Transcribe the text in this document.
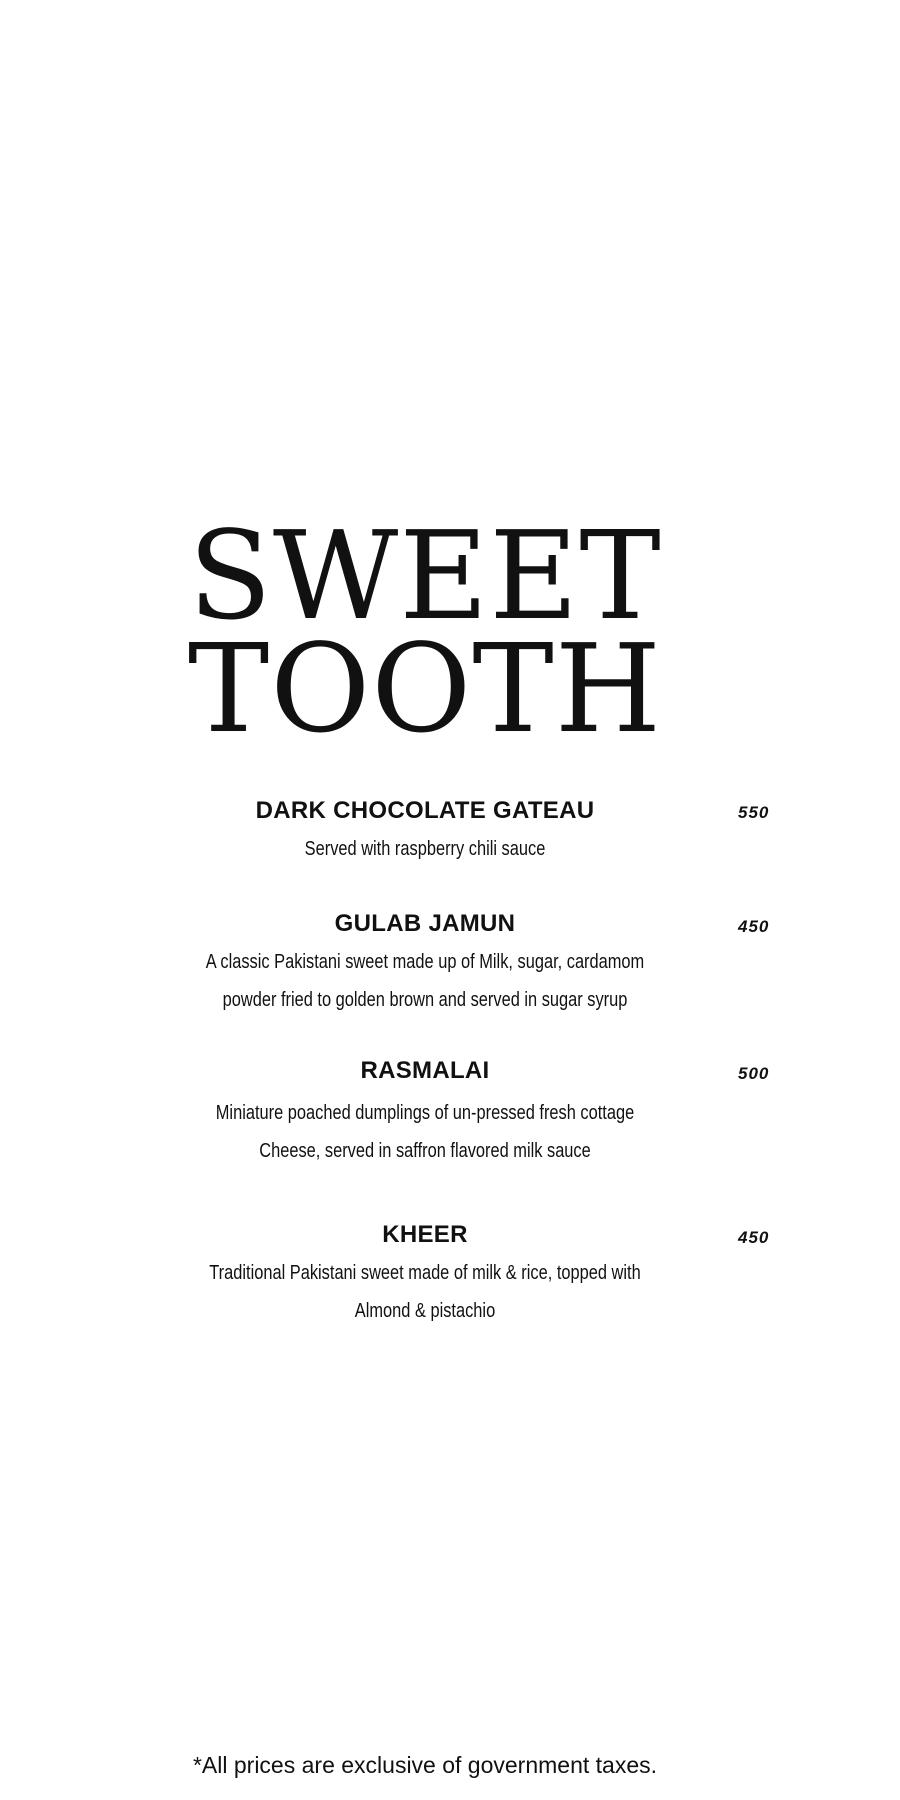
SWEET
TOOTH

DARK CHOCOLATE GATEAU

Served with raspberry chili sauce

550

GULAB JAMUN

A classic Pakistani sweet made up of Milk, sugar, cardamom
powder fried to golden brown and served in sugar syrup

450

RASMALAI

Miniature poached dumplings of un-pressed fresh cottage
Cheese, served in saffron flavored milk sauce

500

KHEER

Traditional Pakistani sweet made of milk & rice, topped with
Almond & pistachio

450
*All prices are exclusive of government taxes.
